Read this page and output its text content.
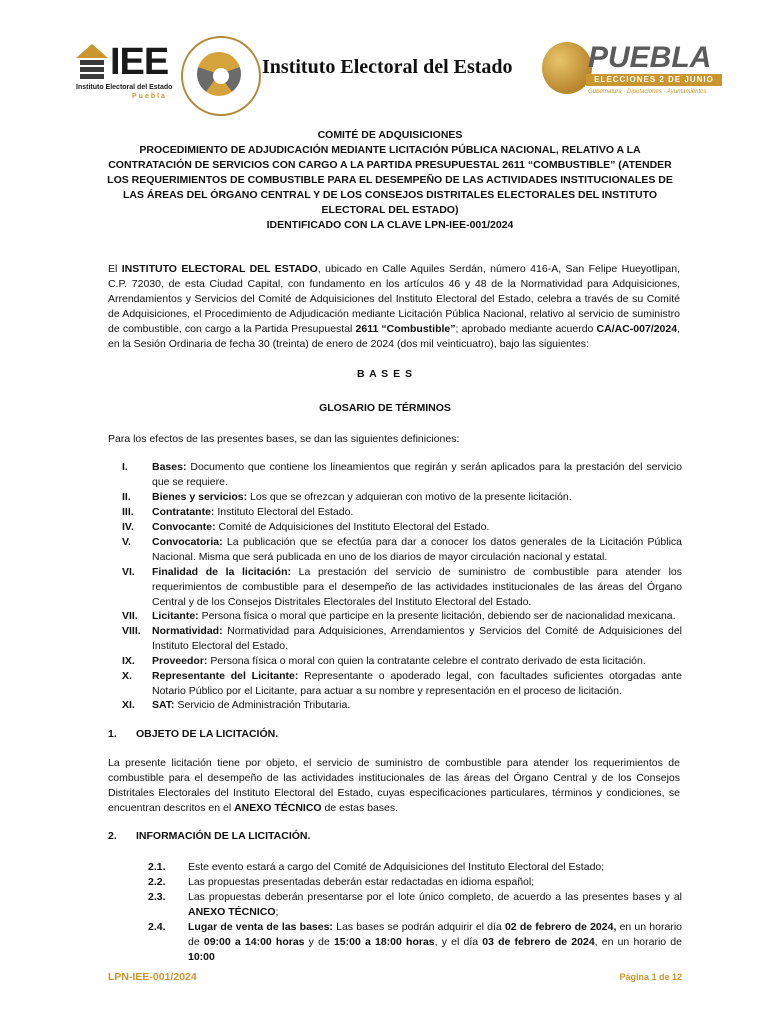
IEE
Instituto Electoral del Estado
Puebla
Instituto Electoral del Estado	PUEBLA
ELECCIONES 2 DE JUNIO
Gubernatura · Diputaciones · Ayuntamientos
COMITÉ DE ADQUISICIONES
PROCEDIMIENTO DE ADJUDICACIÓN MEDIANTE LICITACIÓN PÚBLICA NACIONAL, RELATIVO A LA
CONTRATACIÓN DE SERVICIOS CON CARGO A LA PARTIDA PRESUPUESTAL 2611 “COMBUSTIBLE” (ATENDER
LOS REQUERIMIENTOS DE COMBUSTIBLE PARA EL DESEMPEÑO DE LAS ACTIVIDADES INSTITUCIONALES DE
LAS ÁREAS DEL ÓRGANO CENTRAL Y DE LOS CONSEJOS DISTRITALES ELECTORALES DEL INSTITUTO
ELECTORAL DEL ESTADO)
IDENTIFICADO CON LA CLAVE LPN-IEE-001/2024
El INSTITUTO ELECTORAL DEL ESTADO, ubicado en Calle Aquiles Serdán, número 416-A, San Felipe Hueyotlipan, C.P. 72030, de esta Ciudad Capital, con fundamento en los artículos 46 y 48 de la Normatividad para Adquisiciones, Arrendamientos y Servicios del Comité de Adquisiciones del Instituto Electoral del Estado, celebra a través de su Comité de Adquisiciones, el Procedimiento de Adjudicación mediante Licitación Pública Nacional, relativo al servicio de suministro de combustible, con cargo a la Partida Presupuestal 2611 “Combustible”; aprobado mediante acuerdo CA/AC-007/2024, en la Sesión Ordinaria de fecha 30 (treinta) de enero de 2024 (dos mil veinticuatro), bajo las siguientes:
B A S E S
GLOSARIO DE TÉRMINOS
Para los efectos de las presentes bases, se dan las siguientes definiciones:
I.	Bases: Documento que contiene los lineamientos que regirán y serán aplicados para la prestación del servicio que se requiere.
II.	Bienes y servicios: Los que se ofrezcan y adquieran con motivo de la presente licitación.
III.	Contratante: Instituto Electoral del Estado.
IV.	Convocante: Comité de Adquisiciones del Instituto Electoral del Estado.
V.	Convocatoria: La publicación que se efectúa para dar a conocer los datos generales de la Licitación Pública Nacional. Misma que será publicada en uno de los diarios de mayor circulación nacional y estatal.
VI.	Finalidad de la licitación: La prestación del servicio de suministro de combustible para atender los requerimientos de combustible para el desempeño de las actividades institucionales de las áreas del Órgano Central y de los Consejos Distritales Electorales del Instituto Electoral del Estado.
VII.	Licitante: Persona física o moral que participe en la presente licitación, debiendo ser de nacionalidad mexicana.
VIII.	Normatividad: Normatividad para Adquisiciones, Arrendamientos y Servicios del Comité de Adquisiciones del Instituto Electoral del Estado.
IX.	Proveedor: Persona física o moral con quien la contratante celebre el contrato derivado de esta licitación.
X.	Representante del Licitante: Representante o apoderado legal, con facultades suficientes otorgadas ante Notario Público por el Licitante, para actuar a su nombre y representación en el proceso de licitación.
XI.	SAT: Servicio de Administración Tributaria.
1. OBJETO DE LA LICITACIÓN.
La presente licitación tiene por objeto, el servicio de suministro de combustible para atender los requerimientos de combustible para el desempeño de las actividades institucionales de las áreas del Órgano Central y de los Consejos Distritales Electorales del Instituto Electoral del Estado, cuyas especificaciones particulares, términos y condiciones, se encuentran descritos en el ANEXO TÉCNICO de estas bases.
2. INFORMACIÓN DE LA LICITACIÓN.
2.1.	Este evento estará a cargo del Comité de Adquisiciones del Instituto Electoral del Estado;
2.2.	Las propuestas presentadas deberán estar redactadas en idioma español;
2.3.	Las propuestas deberán presentarse por el lote único completo, de acuerdo a las presentes bases y al ANEXO TÉCNICO;
2.4.	Lugar de venta de las bases: Las bases se podrán adquirir el día 02 de febrero de 2024, en un horario de 09:00 a 14:00 horas y de 15:00 a 18:00 horas, y el día 03 de febrero de 2024, en un horario de 10:00
LPN-IEE-001/2024	Página 1 de 12
